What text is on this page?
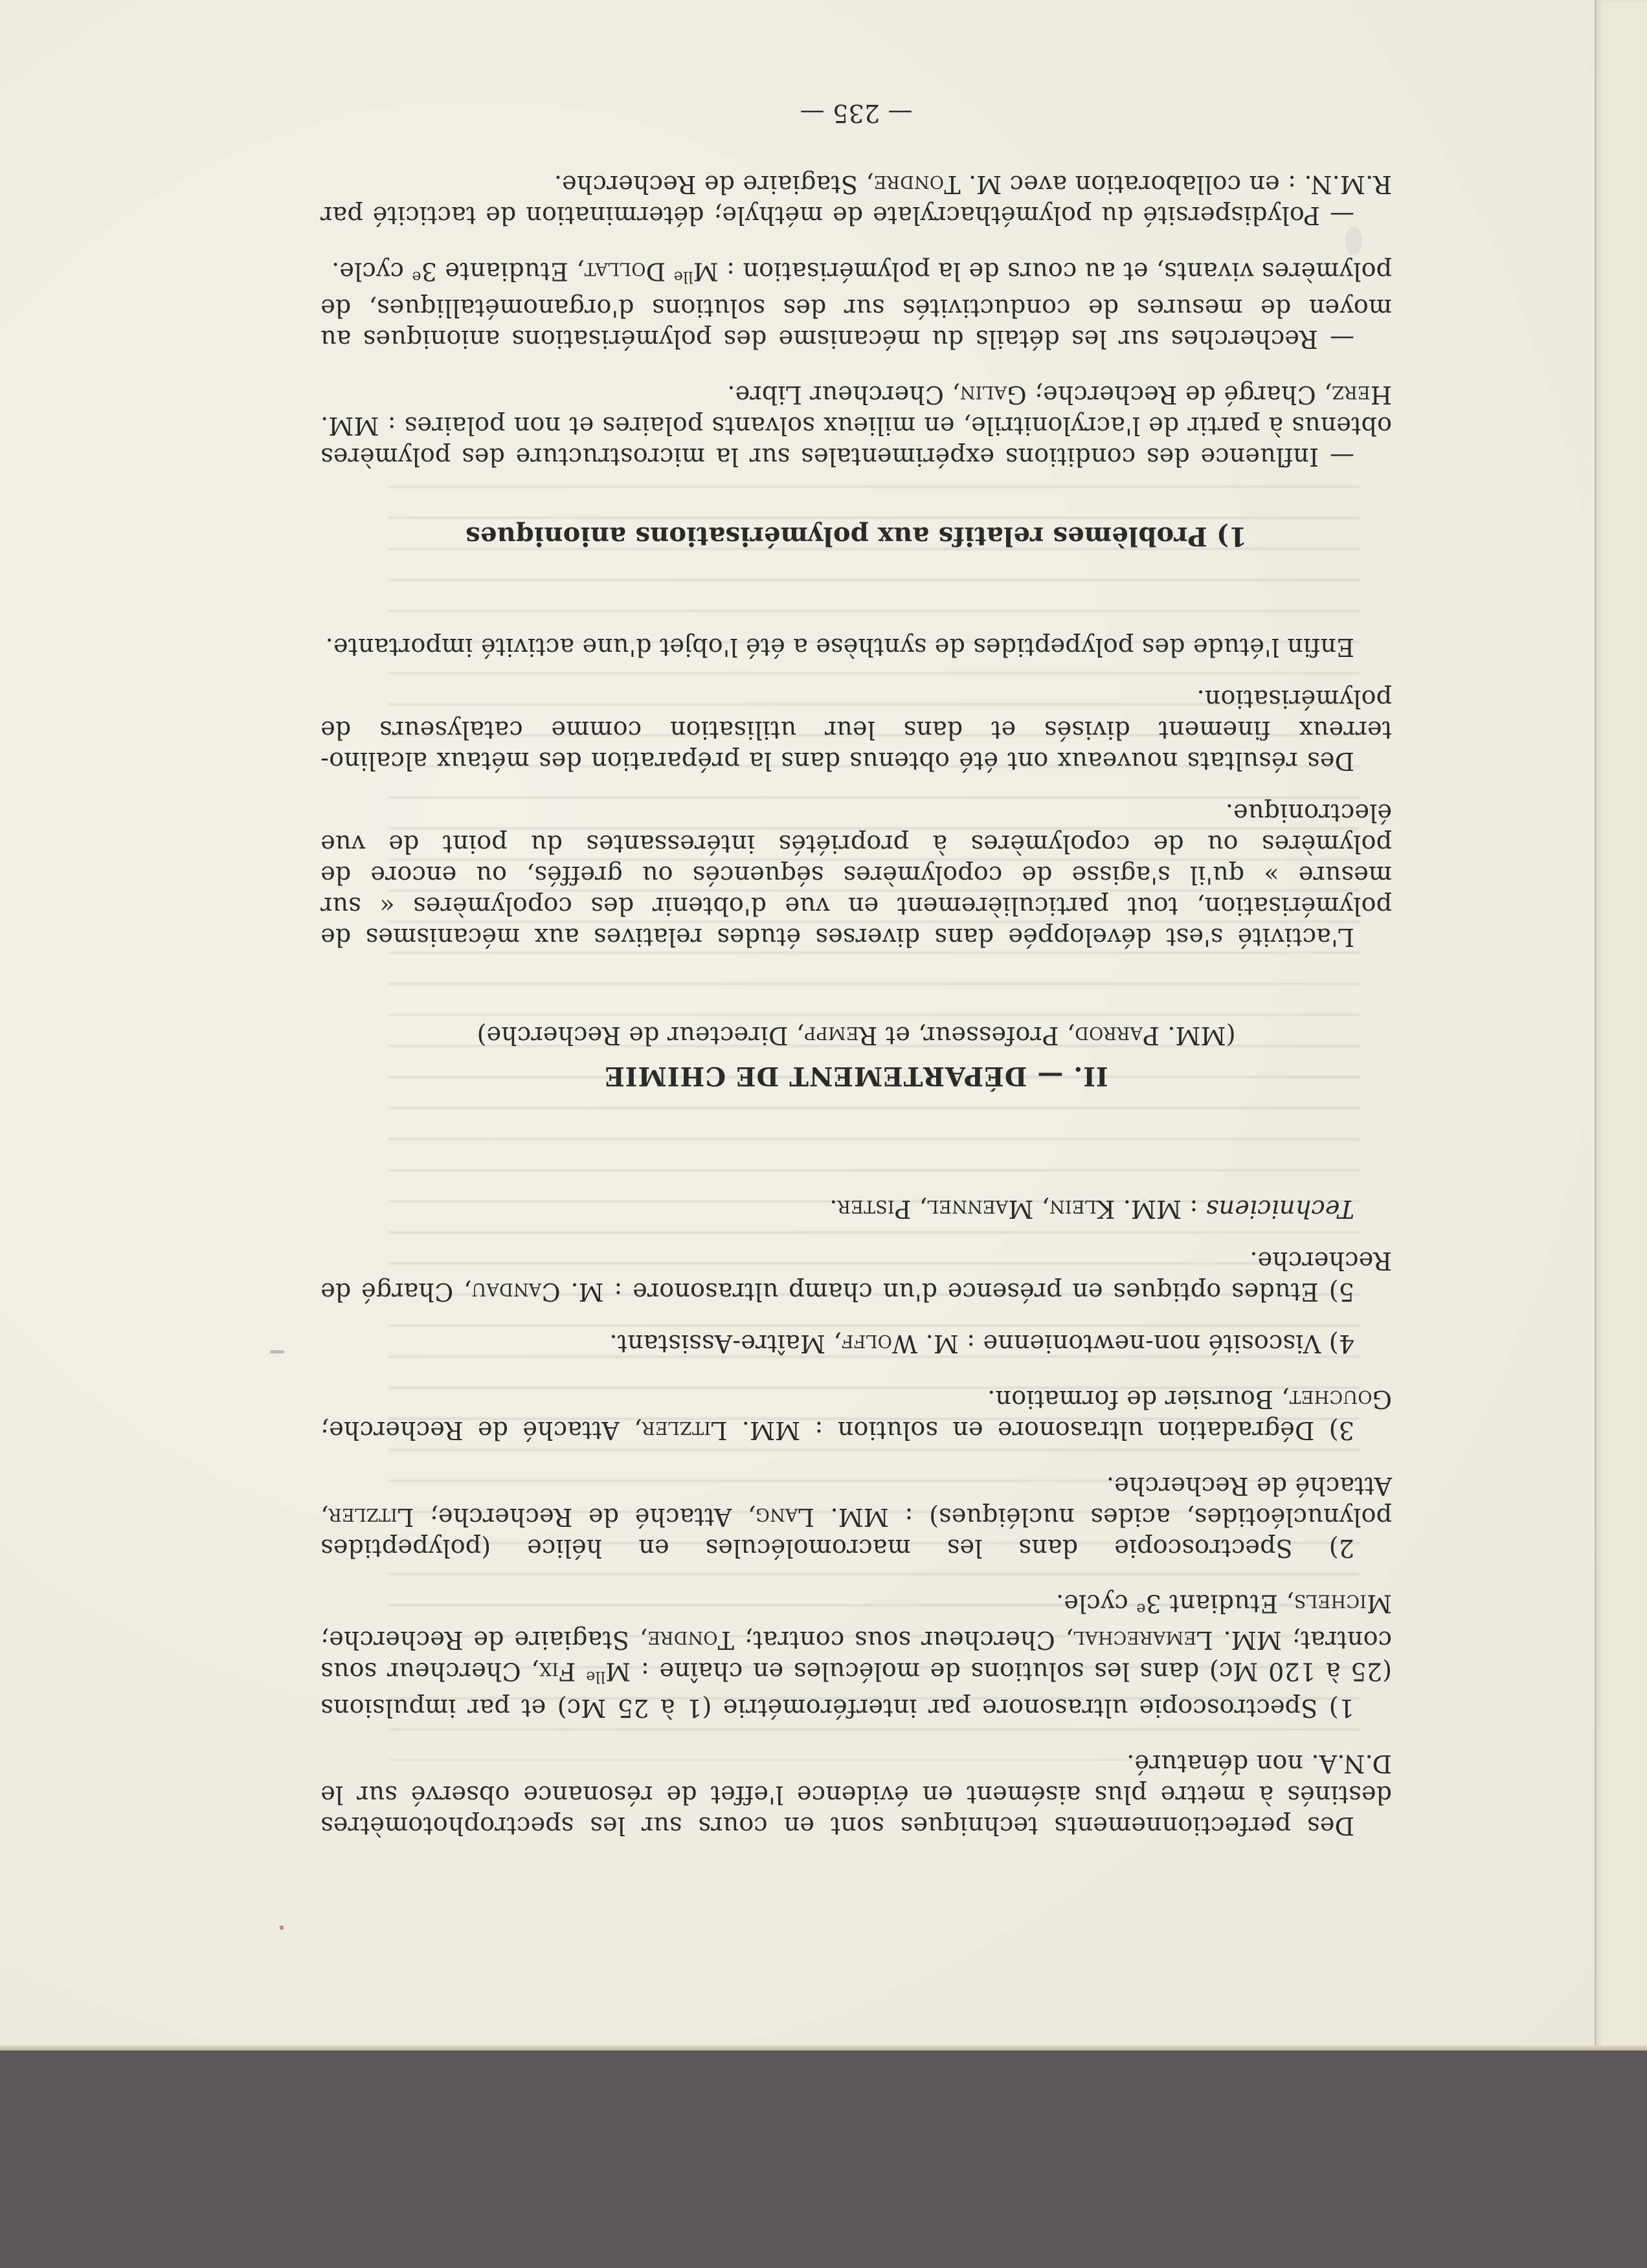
Des perfectionnements techniques sont en cours sur les spectrophotomètres destinés à mettre plus aisément en évidence l'effet de résonance observé sur le D.N.A. non dénaturé.

1) Spectroscopie ultrasonore par interférométrie (1 à 25 Mc) et par impulsions (25 à 120 Mc) dans les solutions de molécules en chaîne : $M^{lle}$ Fix, Chercheur sous contrat; MM. Lemarechal, Chercheur sous contrat; Tondre, Stagiaire de Recherche; Michels, Etudiant 3e cycle.

2) Spectroscopie dans les macromolécules en hélice (polypeptides polynucléotides, acides nucléiques) : MM. Lang, Attaché de Recherche; Litzler, Attaché de Recherche.

3) Dégradation ultrasonore en solution : MM. Litzler, Attaché de Recherche; Gouchet, Boursier de formation.

4) Viscosité non-newtonienne : M. Wolff, Maître-Assistant.

5) Etudes optiques en présence d'un champ ultrasonore : M. Candau, Chargé de Recherche.

Techniciens : MM. Klein, Maennel, Pister.

II. — DÉPARTEMENT DE CHIMIE

(MM. Parrod, Professeur, et Rempp, Directeur de Recherche)

L'activité s'est développée dans diverses études relatives aux mécanismes de polymérisation, tout particulièrement en vue d'obtenir des copolymères « sur mesure » qu'il s'agisse de copolymères séquencés ou greffés, ou encore de polymères ou de copolymères à propriétés intéressantes du point de vue électronique.

Des résultats nouveaux ont été obtenus dans la préparation des métaux alcalino-terreux finement divisés et dans leur utilisation comme catalyseurs de polymérisation.

Enfin l'étude des polypeptides de synthèse a été l'objet d'une activité importante.

1) Problèmes relatifs aux polymérisations anioniques

— Influence des conditions expérimentales sur la microstructure des polymères obtenus à partir de l'acrylonitrile, en milieux solvants polaires et non polaires : MM. Herz, Chargé de Recherche; Galin, Chercheur Libre.

— Recherches sur les détails du mécanisme des polymérisations anioniques au moyen de mesures de conductivités sur des solutions d'organométalliques, de polymères vivants, et au cours de la polymérisation : $M^{lle}$ Dollat, Etudiante 3e cycle.

— Polydispersité du polyméthacrylate de méthyle; détermination de tacticité par R.M.N. : en collaboration avec M. Tondre, Stagiaire de Recherche.

— 235 —
